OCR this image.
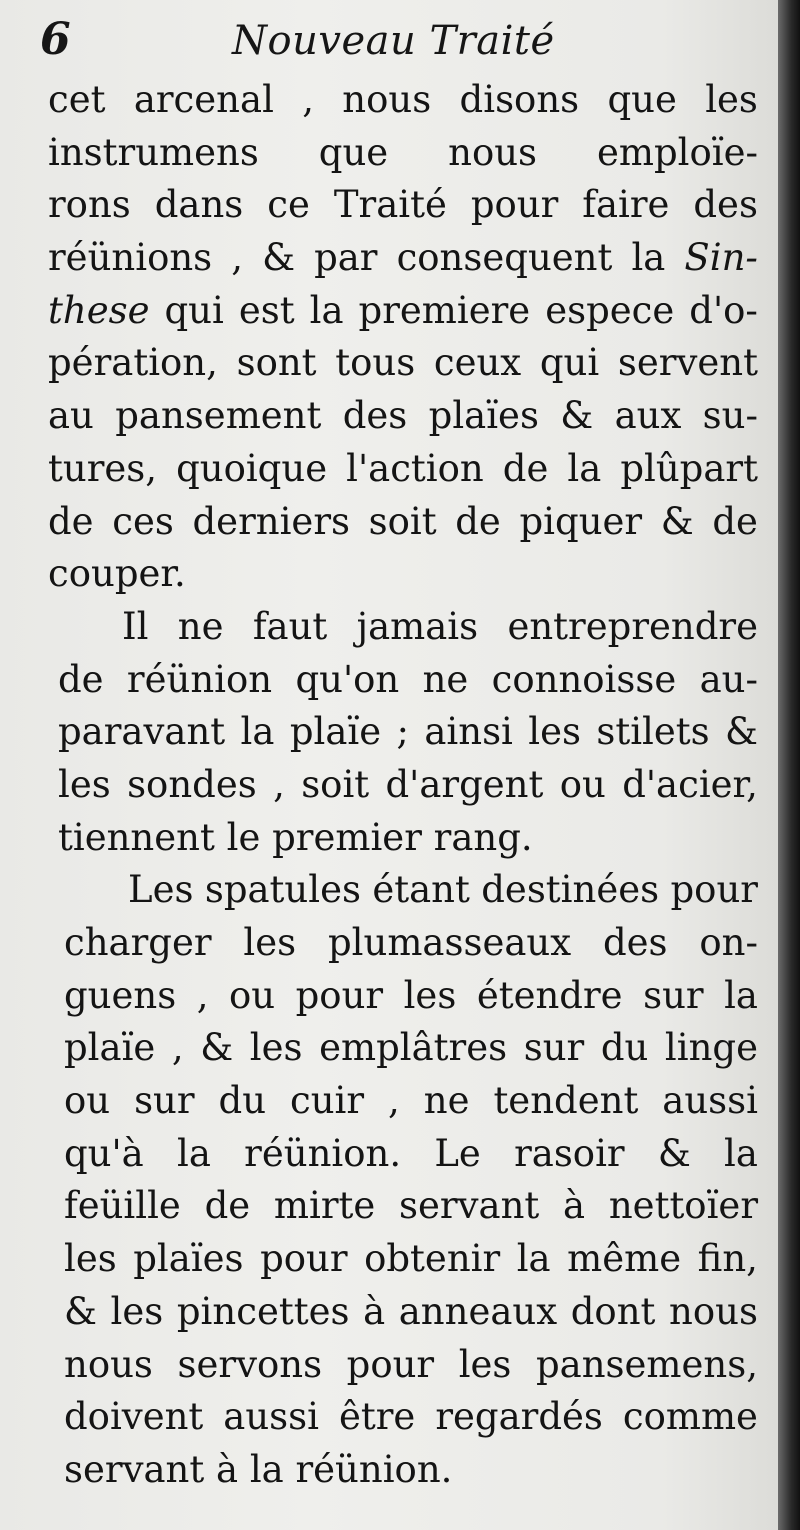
6	Nouveau Traité
cet arcenal , nous disons que les
instrumens que nous emploïe-
rons dans ce Traité pour faire des
réünions , & par consequent la Sin-
these qui est la premiere espece d'o-
pération, sont tous ceux qui servent
au pansement des plaïes & aux su-
tures, quoique l'action de la plûpart
de ces derniers soit de piquer & de
couper.
Il ne faut jamais entreprendre
de réünion qu'on ne connoisse au-
paravant la plaïe ; ainsi les stilets &
les sondes , soit d'argent ou d'acier,
tiennent le premier rang.
Les spatules étant destinées pour
charger les plumasseaux des on-
guens , ou pour les étendre sur la
plaïe , & les emplâtres sur du linge
ou sur du cuir , ne tendent aussi
qu'à la réünion. Le rasoir & la
feüille de mirte servant à nettoïer
les plaïes pour obtenir la même fin,
& les pincettes à anneaux dont nous
nous servons pour les pansemens,
doivent aussi être regardés comme
servant à la réünion.
